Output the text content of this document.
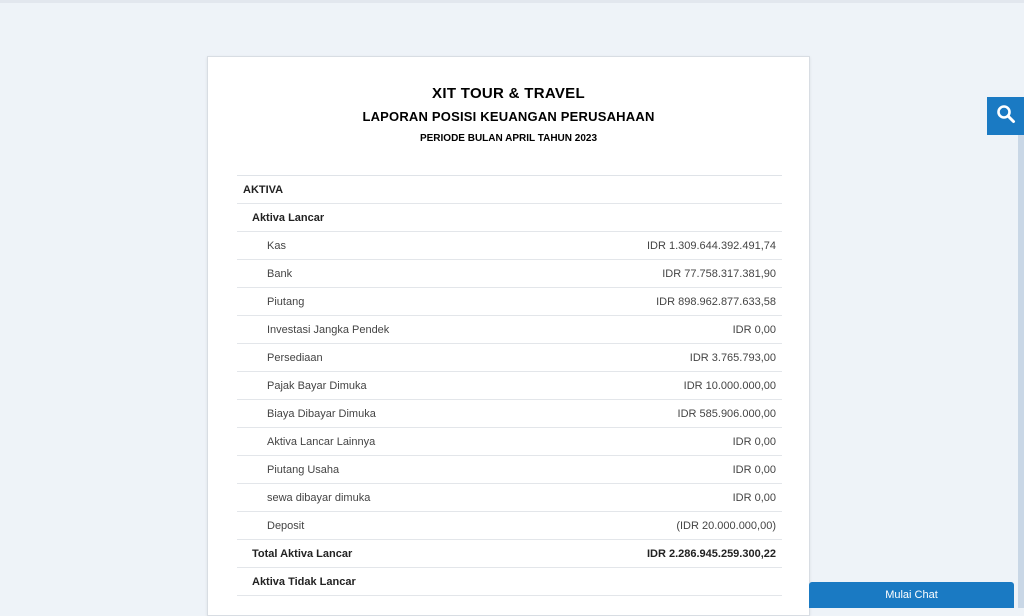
XIT TOUR & TRAVEL
LAPORAN POSISI KEUANGAN PERUSAHAAN
PERIODE BULAN APRIL TAHUN 2023
AKTIVA
Aktiva Lancar
Kas	IDR 1.309.644.392.491,74
Bank	IDR 77.758.317.381,90
Piutang	IDR 898.962.877.633,58
Investasi Jangka Pendek	IDR 0,00
Persediaan	IDR 3.765.793,00
Pajak Bayar Dimuka	IDR 10.000.000,00
Biaya Dibayar Dimuka	IDR 585.906.000,00
Aktiva Lancar Lainnya	IDR 0,00
Piutang Usaha	IDR 0,00
sewa dibayar dimuka	IDR 0,00
Deposit	(IDR 20.000.000,00)
Total Aktiva Lancar	IDR 2.286.945.259.300,22
Aktiva Tidak Lancar
Mulai Chat
